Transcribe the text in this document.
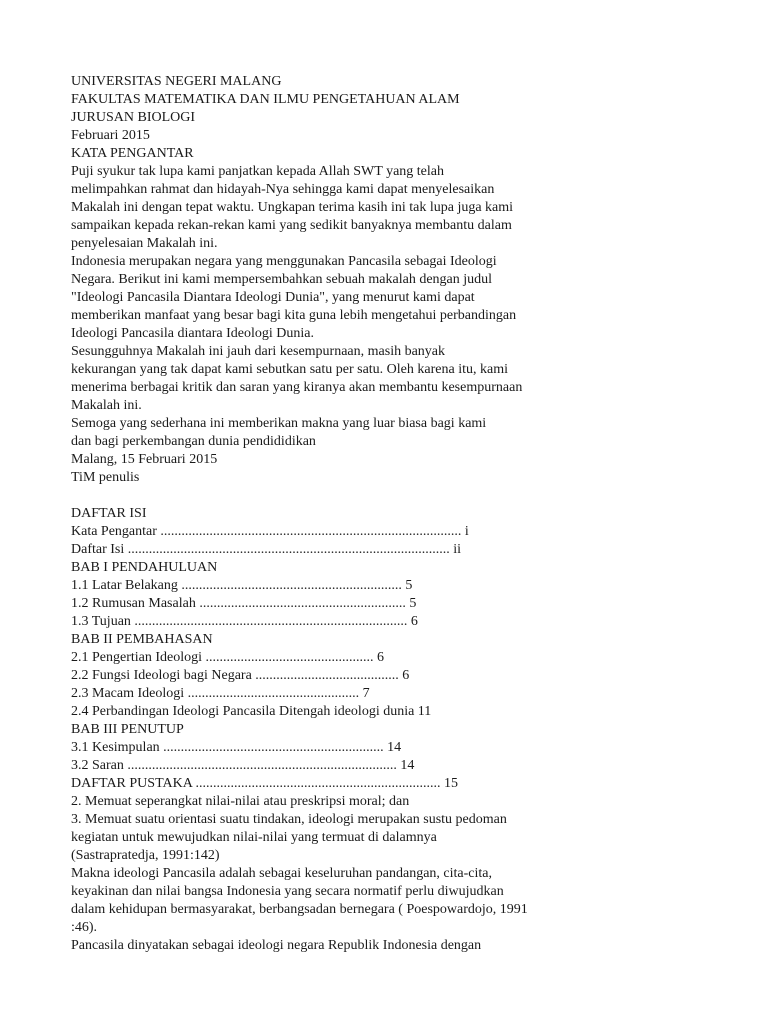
UNIVERSITAS NEGERI MALANG
FAKULTAS MATEMATIKA DAN ILMU PENGETAHUAN ALAM
JURUSAN BIOLOGI
Februari 2015
KATA PENGANTAR
Puji syukur tak lupa kami panjatkan kepada Allah SWT yang telah
melimpahkan rahmat dan hidayah-Nya sehingga kami dapat menyelesaikan
Makalah ini dengan tepat waktu. Ungkapan terima kasih ini tak lupa juga kami
sampaikan kepada rekan-rekan kami yang sedikit banyaknya membantu dalam
penyelesaian Makalah ini.
Indonesia merupakan negara yang menggunakan Pancasila sebagai Ideologi
Negara. Berikut ini kami mempersembahkan sebuah makalah dengan judul
"Ideologi Pancasila Diantara Ideologi Dunia", yang menurut kami dapat
memberikan manfaat yang besar bagi kita guna lebih mengetahui perbandingan
Ideologi Pancasila diantara Ideologi Dunia.
Sesungguhnya Makalah ini jauh dari kesempurnaan, masih banyak
kekurangan yang tak dapat kami sebutkan satu per satu. Oleh karena itu, kami
menerima berbagai kritik dan saran yang kiranya akan membantu kesempurnaan
Makalah ini.
Semoga yang sederhana ini memberikan makna yang luar biasa bagi kami
dan bagi perkembangan dunia pendididikan
Malang, 15 Februari 2015
TiM penulis
DAFTAR ISI
Kata Pengantar ...................................................................................... i
Daftar Isi ............................................................................................ ii
BAB I PENDAHULUAN
1.1 Latar Belakang ............................................................... 5
1.2 Rumusan Masalah ........................................................... 5
1.3 Tujuan .............................................................................. 6
BAB II PEMBAHASAN
2.1 Pengertian Ideologi ................................................ 6
2.2 Fungsi Ideologi bagi Negara ......................................... 6
2.3 Macam Ideologi ................................................. 7
2.4 Perbandingan Ideologi Pancasila Ditengah ideologi dunia 11
BAB III PENUTUP
3.1 Kesimpulan ............................................................... 14
3.2 Saran ............................................................................. 14
DAFTAR PUSTAKA ...................................................................... 15
2. Memuat seperangkat nilai-nilai atau preskripsi moral; dan
3. Memuat suatu orientasi suatu tindakan, ideologi merupakan sustu pedoman
kegiatan untuk mewujudkan nilai-nilai yang termuat di dalamnya
(Sastrapratedja, 1991:142)
Makna ideologi Pancasila adalah sebagai keseluruhan pandangan, cita-cita,
keyakinan dan nilai bangsa Indonesia yang secara normatif perlu diwujudkan
dalam kehidupan bermasyarakat, berbangsadan bernegara ( Poespowardojo, 1991
:46).
Pancasila dinyatakan sebagai ideologi negara Republik Indonesia dengan
